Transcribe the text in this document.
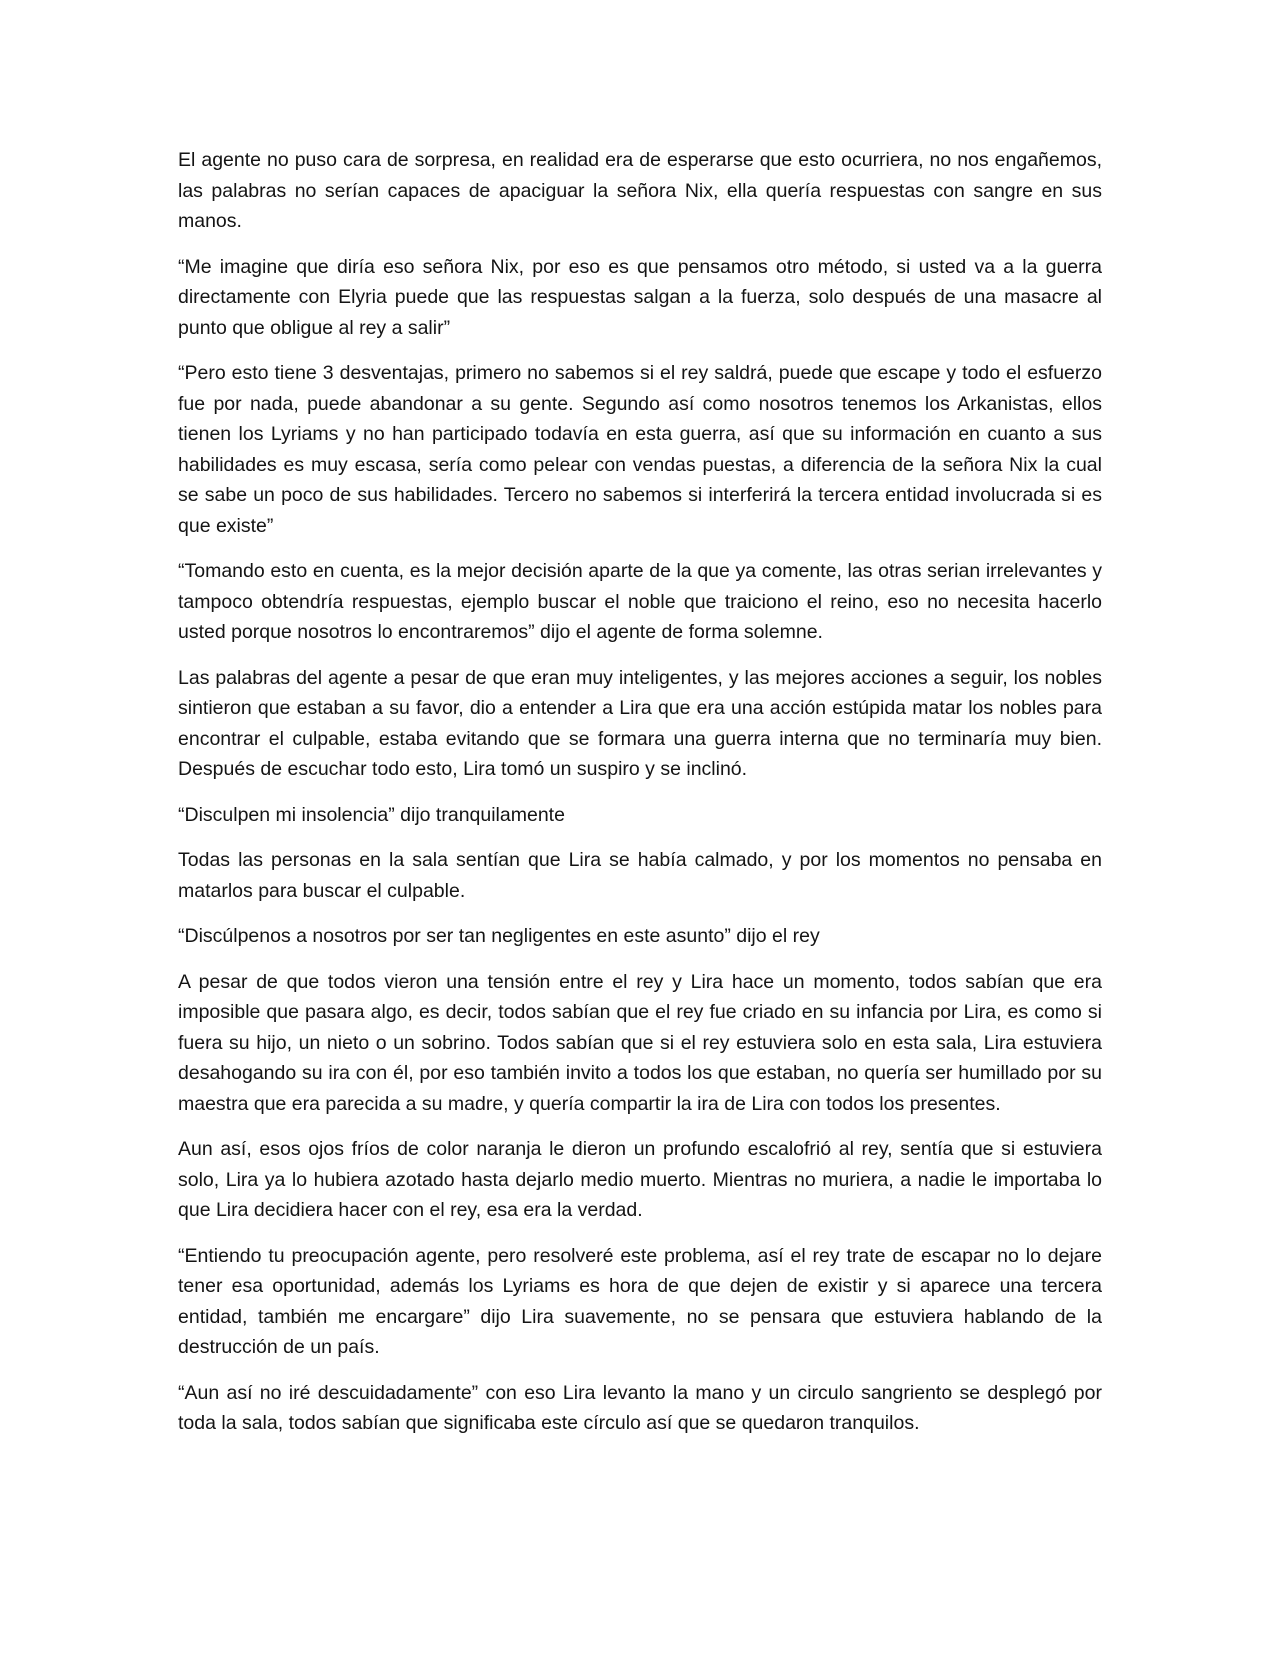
El agente no puso cara de sorpresa, en realidad era de esperarse que esto ocurriera, no nos engañemos, las palabras no serían capaces de apaciguar la señora Nix, ella quería respuestas con sangre en sus manos.

“Me imagine que diría eso señora Nix, por eso es que pensamos otro método, si usted va a la guerra directamente con Elyria puede que las respuestas salgan a la fuerza, solo después de una masacre al punto que obligue al rey a salir”

“Pero esto tiene 3 desventajas, primero no sabemos si el rey saldrá, puede que escape y todo el esfuerzo fue por nada, puede abandonar a su gente. Segundo así como nosotros tenemos los Arkanistas, ellos tienen los Lyriams y no han participado todavía en esta guerra, así que su información en cuanto a sus habilidades es muy escasa, sería como pelear con vendas puestas, a diferencia de la señora Nix la cual se sabe un poco de sus habilidades. Tercero no sabemos si interferirá la tercera entidad involucrada si es que existe”

“Tomando esto en cuenta, es la mejor decisión aparte de la que ya comente, las otras serian irrelevantes y tampoco obtendría respuestas, ejemplo buscar el noble que traiciono el reino, eso no necesita hacerlo usted porque nosotros lo encontraremos” dijo el agente de forma solemne.

Las palabras del agente a pesar de que eran muy inteligentes, y las mejores acciones a seguir, los nobles sintieron que estaban a su favor, dio a entender a Lira que era una acción estúpida matar los nobles para encontrar el culpable, estaba evitando que se formara una guerra interna que no terminaría muy bien. Después de escuchar todo esto, Lira tomó un suspiro y se inclinó.

“Disculpen mi insolencia” dijo tranquilamente

Todas las personas en la sala sentían que Lira se había calmado, y por los momentos no pensaba en matarlos para buscar el culpable.

“Discúlpenos a nosotros por ser tan negligentes en este asunto” dijo el rey

A pesar de que todos vieron una tensión entre el rey y Lira hace un momento, todos sabían que era imposible que pasara algo, es decir, todos sabían que el rey fue criado en su infancia por Lira, es como si fuera su hijo, un nieto o un sobrino. Todos sabían que si el rey estuviera solo en esta sala, Lira estuviera desahogando su ira con él, por eso también invito a todos los que estaban, no quería ser humillado por su maestra que era parecida a su madre, y quería compartir la ira de Lira con todos los presentes.

Aun así, esos ojos fríos de color naranja le dieron un profundo escalofrió al rey, sentía que si estuviera solo, Lira ya lo hubiera azotado hasta dejarlo medio muerto. Mientras no muriera, a nadie le importaba lo que Lira decidiera hacer con el rey, esa era la verdad.

“Entiendo tu preocupación agente, pero resolveré este problema, así el rey trate de escapar no lo dejare tener esa oportunidad, además los Lyriams es hora de que dejen de existir y si aparece una tercera entidad, también me encargare” dijo Lira suavemente, no se pensara que estuviera hablando de la destrucción de un país.

“Aun así no iré descuidadamente” con eso Lira levanto la mano y un circulo sangriento se desplegó por toda la sala, todos sabían que significaba este círculo así que se quedaron tranquilos.
